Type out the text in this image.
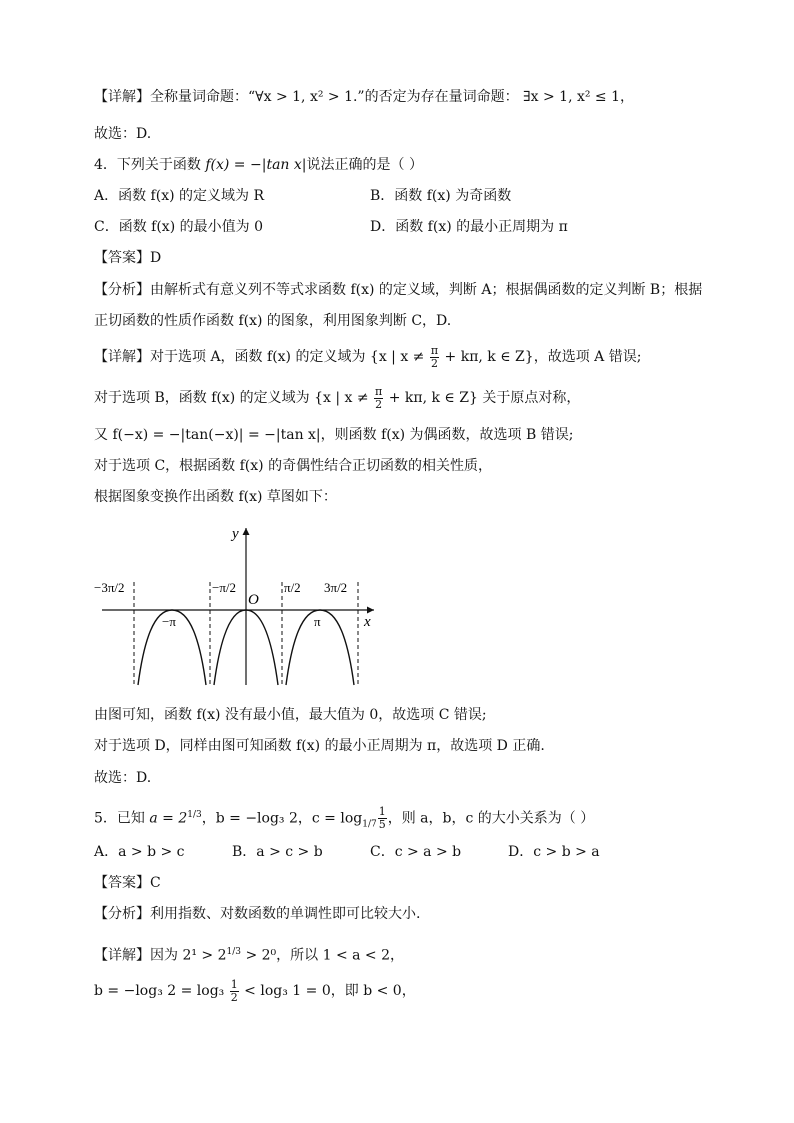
【详解】全称量词命题：“∀x > 1, x² > 1.”的否定为存在量词命题： ∃x > 1, x² ≤ 1，
故选：D.
4．下列关于函数 f(x) = −|tan x|说法正确的是（ ）
A．函数 f(x) 的定义域为 R	B．函数 f(x) 为奇函数
C．函数 f(x) 的最小值为 0	D．函数 f(x) 的最小正周期为 π
【答案】D
【分析】由解析式有意义列不等式求函数 f(x) 的定义域，判断 A；根据偶函数的定义判断 B；根据
正切函数的性质作函数 f(x) 的图象，利用图象判断 C，D.
【详解】对于选项 A，函数 f(x) 的定义域为 {x | $x \ne \frac{\pi}{2} + k\pi$, k ∈ Z}，故选项 A 错误;
对于选项 B，函数 f(x) 的定义域为 {x | $x \ne \frac{\pi}{2} + k\pi$, k ∈ Z} 关于原点对称，
又 f(−x) = −|tan(−x)| = −|tan x|，则函数 f(x) 为偶函数，故选项 B 错误;
对于选项 C，根据函数 f(x) 的奇偶性结合正切函数的相关性质，
根据图象变换作出函数 f(x) 草图如下：
y
x
O
−3π/2	−π/2	π/2 3π/2
−π	π
由图可知，函数 f(x) 没有最小值，最大值为 0，故选项 C 错误;
对于选项 D，同样由图可知函数 f(x) 的最小正周期为 π，故选项 D 正确.
故选：D.
5．已知 $a = 2^{1/3}$，b = −log₃ 2，$c = \log_{1/7} \frac{1}{5}$ ，则 a，b，c 的大小关系为（ ）
A．a > b > c	B．a > c > b	C．c > a > b	D．c > b > a
【答案】C
【分析】利用指数、对数函数的单调性即可比较大小.
【详解】因为 $2^1 > 2^{1/3} > 2^0$，所以 1 < a < 2，
b = −log₃ $2 = \log_3 \frac{1}{2} < \log_3$ 1 = 0，即 b < 0，
